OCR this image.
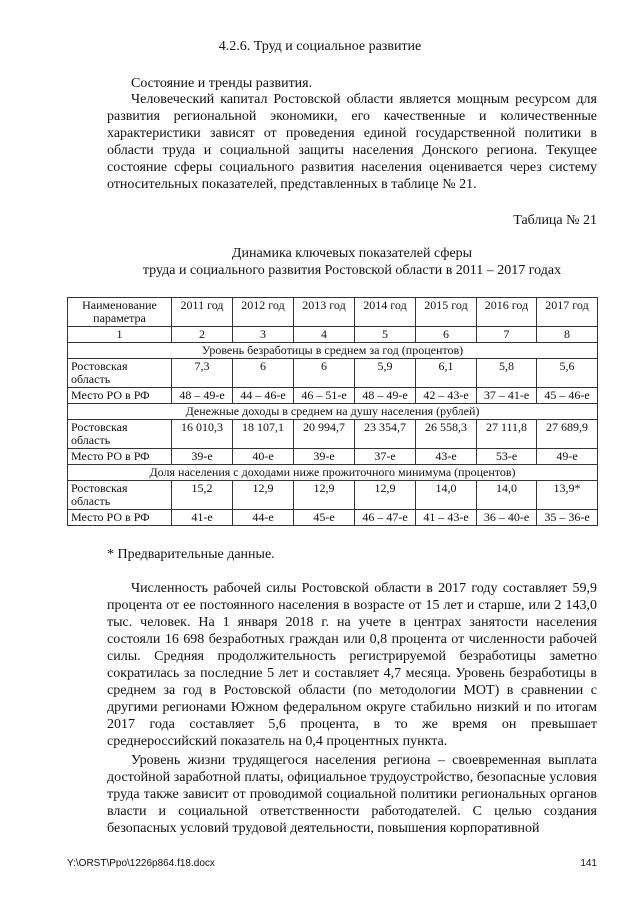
4.2.6. Труд и социальное развитие

Состояние и тренды развития.

Человеческий капитал Ростовской области является мощным ресурсом для развития региональной экономики, его качественные и количественные характеристики зависят от проведения единой государственной политики в области труда и социальной защиты населения Донского региона. Текущее состояние сферы социального развития населения оценивается через систему относительных показателей, представленных в таблице № 21.

Таблица № 21
Динамика ключевых показателей сферы
труда и социального развития Ростовской области в 2011 – 2017 годах
Наименование параметра	2011 год	2012 год	2013 год	2014 год	2015 год	2016 год	2017 год
1	2	3	4	5	6	7	8
Уровень безработицы в среднем за год (процентов)							
Ростовская область	7,3	6	6	5,9	6,1	5,8	5,6
Место РО в РФ	48 – 49-е	44 – 46-е	46 – 51-е	48 – 49-е	42 – 43-е	37 – 41-е	45 – 46-е
Денежные доходы в среднем на душу населения (рублей)							
Ростовская область	16 010,3	18 107,1	20 994,7	23 354,7	26 558,3	27 111,8	27 689,9
Место РО в РФ	39-е	40-е	39-е	37-е	43-е	53-е	49-е
Доля населения с доходами ниже прожиточного минимума (процентов)							
Ростовская область	15,2	12,9	12,9	12,9	14,0	14,0	13,9*
Место РО в РФ	41-е	44-е	45-е	46 – 47-е	41 – 43-е	36 – 40-е	35 – 36-е
* Предварительные данные.

Численность рабочей силы Ростовской области в 2017 году составляет 59,9 процента от ее постоянного населения в возрасте от 15 лет и старше, или 2 143,0 тыс. человек. На 1 января 2018 г. на учете в центрах занятости населения состояли 16 698 безработных граждан или 0,8 процента от численности рабочей силы. Средняя продолжительность регистрируемой безработицы заметно сократилась за последние 5 лет и составляет 4,7 месяца. Уровень безработицы в среднем за год в Ростовской области (по методологии МОТ) в сравнении с другими регионами Южном федеральном округе стабильно низкий и по итогам 2017 года составляет 5,6 процента, в то же время он превышает среднероссийский показатель на 0,4 процентных пункта.

Уровень жизни трудящегося населения региона – своевременная выплата достойной заработной платы, официальное трудоустройство, безопасные условия труда также зависит от проводимой социальной политики региональных органов власти и социальной ответственности работодателей. С целью создания безопасных условий трудовой деятельности, повышения корпоративной

Y:\ORST\Ppo\1226p864.f18.docx	141
